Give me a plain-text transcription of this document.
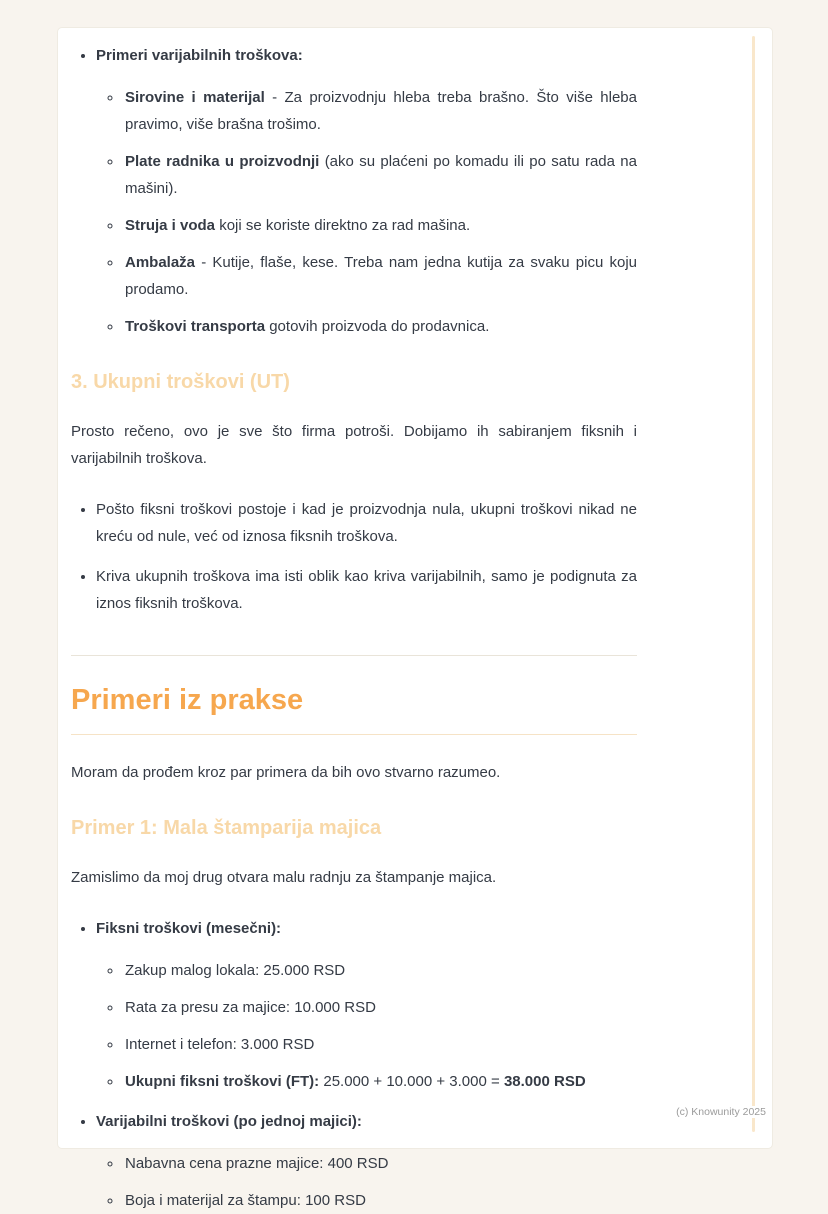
• Primeri varijabilnih troškova:
◦ Sirovine i materijal - Za proizvodnju hleba treba brašno. Što više hleba pravimo, više brašna trošimo.
◦ Plate radnika u proizvodnji (ako su plaćeni po komadu ili po satu rada na mašini).
◦ Struja i voda koji se koriste direktno za rad mašina.
◦ Ambalaža - Kutije, flaše, kese. Treba nam jedna kutija za svaku picu koju prodamo.
◦ Troškovi transporta gotovih proizvoda do prodavnica.
3. Ukupni troškovi (UT)

Prosto rečeno, ovo je sve što firma potroši. Dobijamo ih sabiranjem fiksnih i varijabilnih troškova.

• Pošto fiksni troškovi postoje i kad je proizvodnja nula, ukupni troškovi nikad ne kreću od nule, već od iznosa fiksnih troškova.
• Kriva ukupnih troškova ima isti oblik kao kriva varijabilnih, samo je podignuta za iznos fiksnih troškova.
Primeri iz prakse

Moram da prođem kroz par primera da bih ovo stvarno razumeo.

Primer 1: Mala štamparija majica

Zamislimo da moj drug otvara malu radnju za štampanje majica.

• Fiksni troškovi (mesečni):
◦ Zakup malog lokala: 25.000 RSD
◦ Rata za presu za majice: 10.000 RSD
◦ Internet i telefon: 3.000 RSD
◦ Ukupni fiksni troškovi (FT): 25.000 + 10.000 + 3.000 = 38.000 RSD
• Varijabilni troškovi (po jednoj majici):
◦ Nabavna cena prazne majice: 400 RSD
◦ Boja i materijal za štampu: 100 RSD
(c) Knowunity 2025
